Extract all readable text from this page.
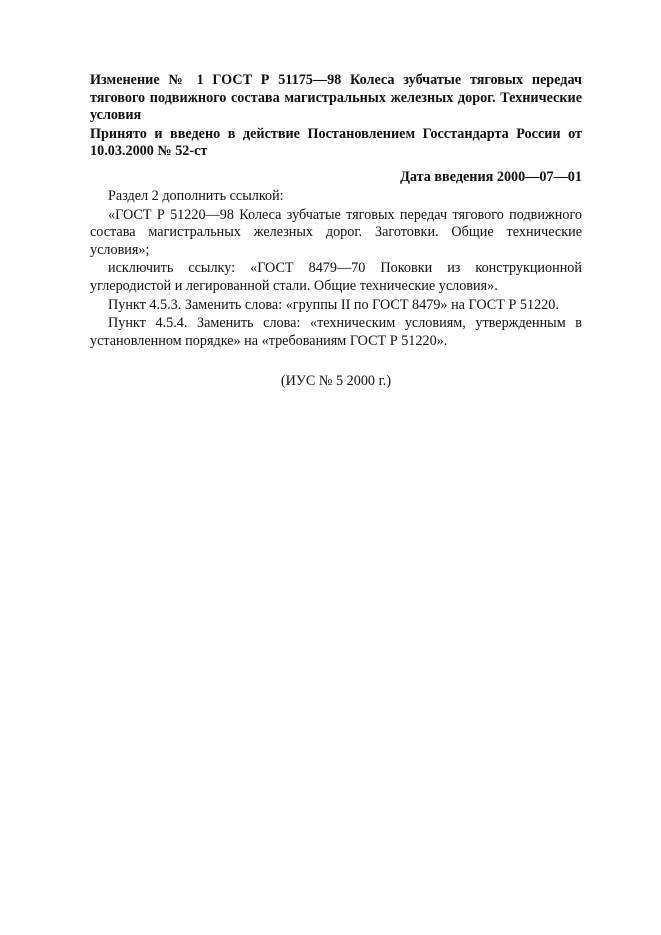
Изменение № 1 ГОСТ Р 51175—98 Колеса зубчатые тяговых передач тягового подвижного состава магистральных железных дорог. Технические условия
Принято и введено в действие Постановлением Госстандарта России от 10.03.2000 № 52-ст
Дата введения 2000—07—01

Раздел 2 дополнить ссылкой:

«ГОСТ Р 51220—98 Колеса зубчатые тяговых передач тягового подвижного состава магистральных железных дорог. Заготовки. Общие технические условия»;

исключить ссылку: «ГОСТ 8479—70 Поковки из конструкционной углеродистой и легированной стали. Общие технические условия».

Пункт 4.5.3. Заменить слова: «группы II по ГОСТ 8479» на ГОСТ Р 51220.

Пункт 4.5.4. Заменить слова: «техническим условиям, утвержденным в установленном порядке» на «требованиям ГОСТ Р 51220».

(ИУС № 5 2000 г.)
